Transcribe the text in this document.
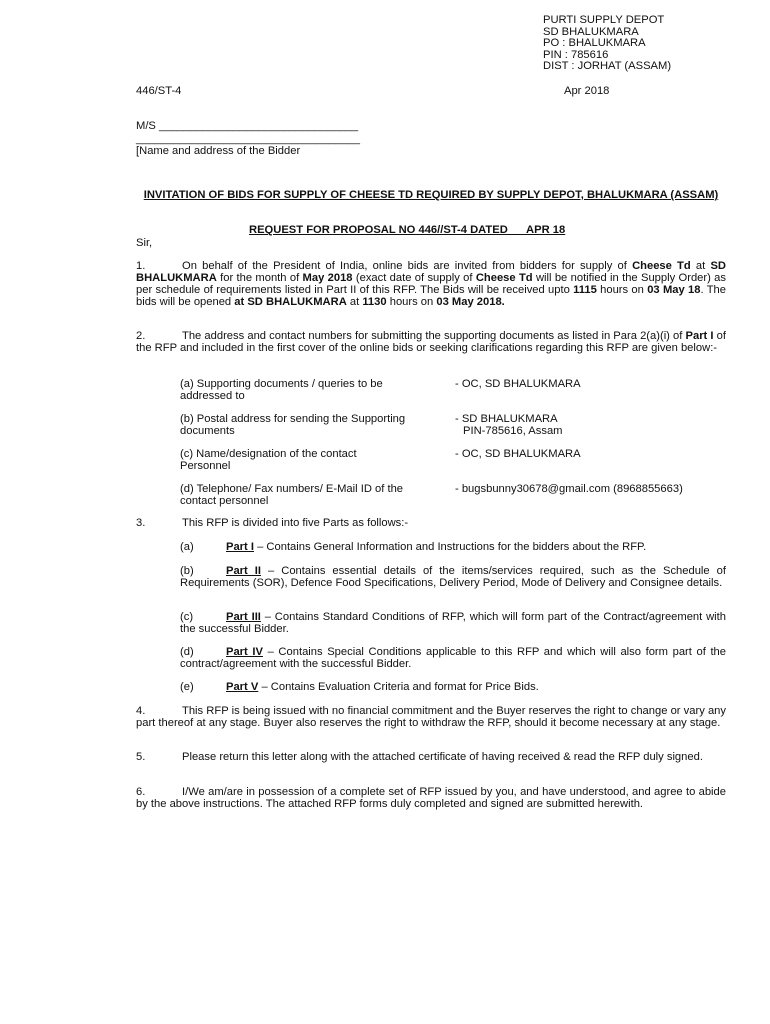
PURTI SUPPLY DEPOT
SD BHALUKMARA
PO : BHALUKMARA
PIN : 785616
DIST : JORHAT (ASSAM)
446/ST-4	Apr 2018
M/S ________________________________
____________________________________
[Name and address of the Bidder
INVITATION OF BIDS FOR SUPPLY OF CHEESE TD REQUIRED BY SUPPLY DEPOT, BHALUKMARA (ASSAM)
REQUEST FOR PROPOSAL NO 446//ST-4 DATED      APR 18
Sir,
1.	On behalf of the President of India, online bids are invited from bidders for supply of Cheese Td at SD BHALUKMARA for the month of May 2018 (exact date of supply of Cheese Td will be notified in the Supply Order) as per schedule of requirements listed in Part II of this RFP. The Bids will be received upto 1115 hours on 03 May 18. The bids will be opened at SD BHALUKMARA at 1130 hours on 03 May 2018.
2.	The address and contact numbers for submitting the supporting documents as listed in Para 2(a)(i) of Part I of the RFP and included in the first cover of the online bids or seeking clarifications regarding this RFP are given below:-
(a) Supporting documents / queries to be addressed to
- OC, SD BHALUKMARA
(b) Postal address for sending the Supporting documents
- SD BHALUKMARA
PIN-785616, Assam
(c) Name/designation of the contact Personnel
- OC, SD BHALUKMARA
(d) Telephone/ Fax numbers/ E-Mail ID of the contact personnel
- bugsbunny30678@gmail.com (8968855663)
3.	This RFP is divided into five Parts as follows:-
(a)	Part I – Contains General Information and Instructions for the bidders about the RFP.
(b)	Part II – Contains essential details of the items/services required, such as the Schedule of Requirements (SOR), Defence Food Specifications, Delivery Period, Mode of Delivery and Consignee details.
(c)	Part III – Contains Standard Conditions of RFP, which will form part of the Contract/agreement with the successful Bidder.
(d)	Part IV – Contains Special Conditions applicable to this RFP and which will also form part of the contract/agreement with the successful Bidder.
(e)	Part V – Contains Evaluation Criteria and format for Price Bids.
4.	This RFP is being issued with no financial commitment and the Buyer reserves the right to change or vary any part thereof at any stage. Buyer also reserves the right to withdraw the RFP, should it become necessary at any stage.
5.	Please return this letter along with the attached certificate of having received & read the RFP duly signed.
6.	I/We am/are in possession of a complete set of RFP issued by you, and have understood, and agree to abide by the above instructions. The attached RFP forms duly completed and signed are submitted herewith.
